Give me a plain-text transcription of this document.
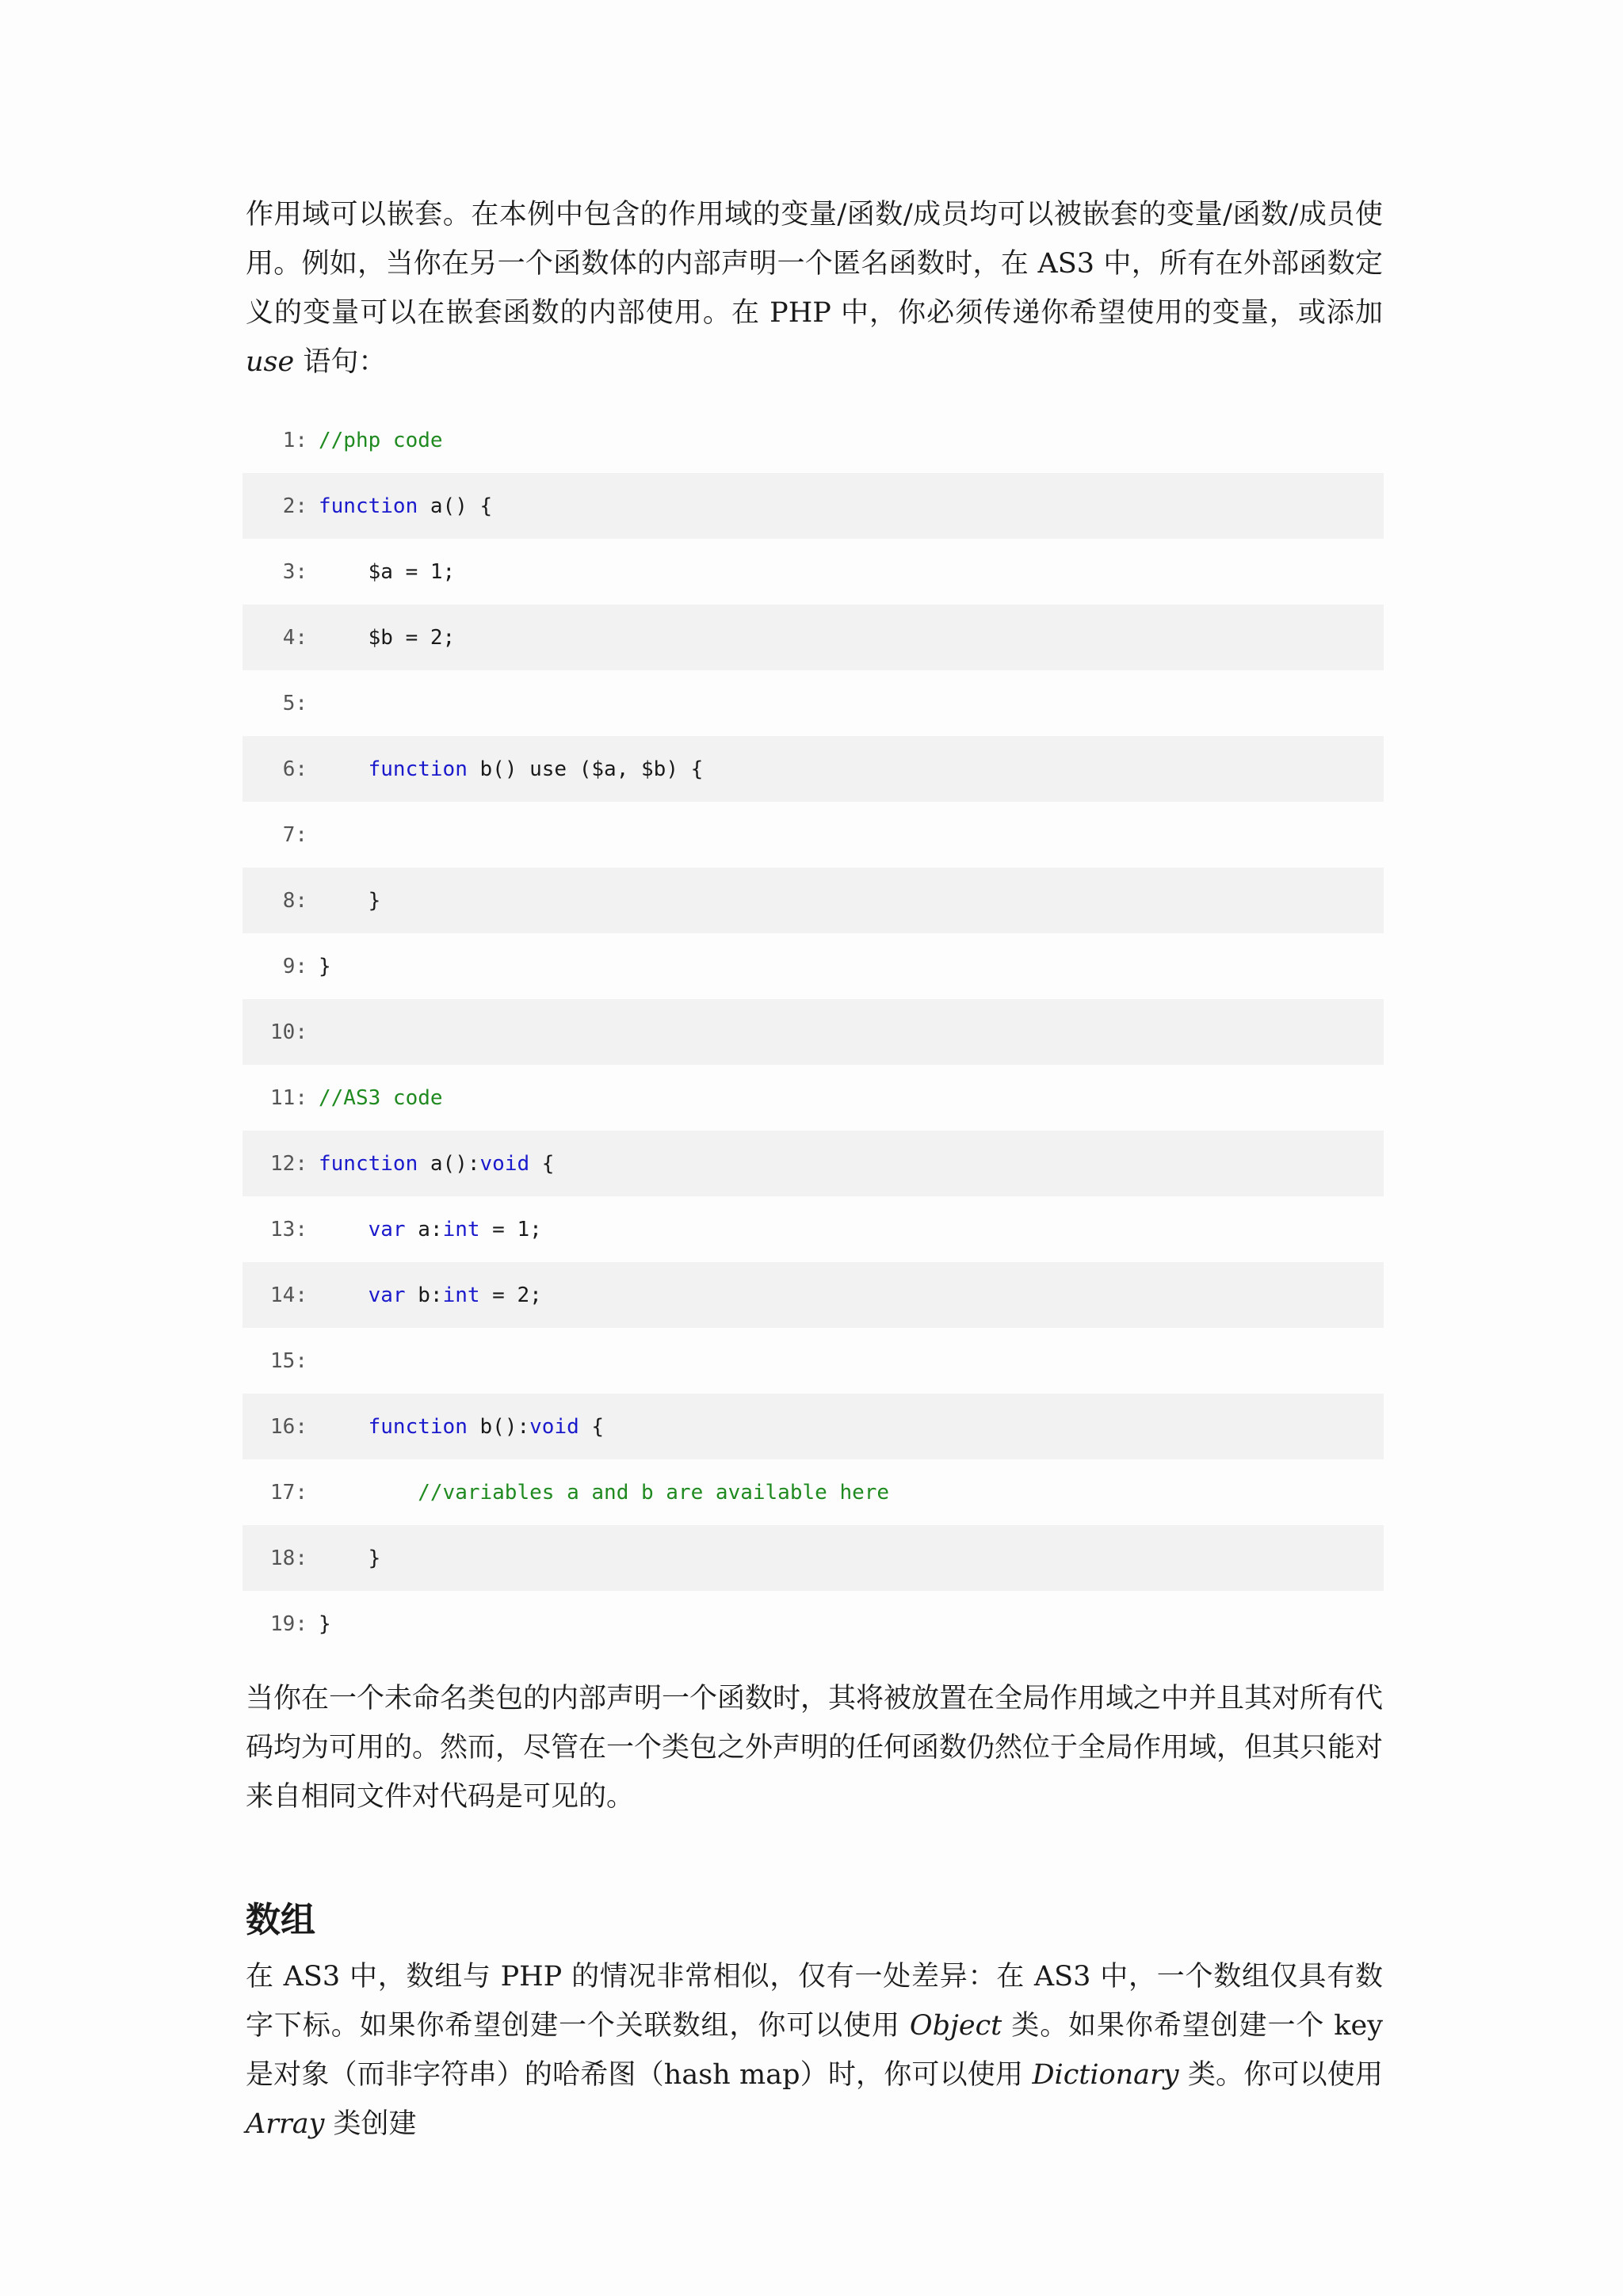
作用域可以嵌套。在本例中包含的作用域的变量/函数/成员均可以被嵌套的变量/函数/成员使用。例如，当你在另一个函数体的内部声明一个匿名函数时，在 AS3 中，所有在外部函数定义的变量可以在嵌套函数的内部使用。在 PHP 中，你必须传递你希望使用的变量，或添加 use 语句：

1: //php code
2: function a() {
3: $a = 1;
4: $b = 2;
5:
6:	function b() use ($a, $b) {
7:
8: }
9: }
10:
11: //AS3 code
12: function a():void {
13:	var a:int = 1;
14:	var b:int = 2;
15:
16:	function b():void {
17:	//variables a and b are available here
18: }
19: }

当你在一个未命名类包的内部声明一个函数时，其将被放置在全局作用域之中并且其对所有代码均为可用的。然而，尽管在一个类包之外声明的任何函数仍然位于全局作用域，但其只能对来自相同文件对代码是可见的。

数组

在 AS3 中，数组与 PHP 的情况非常相似，仅有一处差异：在 AS3 中，一个数组仅具有数字下标。如果你希望创建一个关联数组，你可以使用 Object 类。如果你希望创建一个 key 是对象（而非字符串）的哈希图（hash map）时，你可以使用 Dictionary 类。你可以使用 Array 类创建
